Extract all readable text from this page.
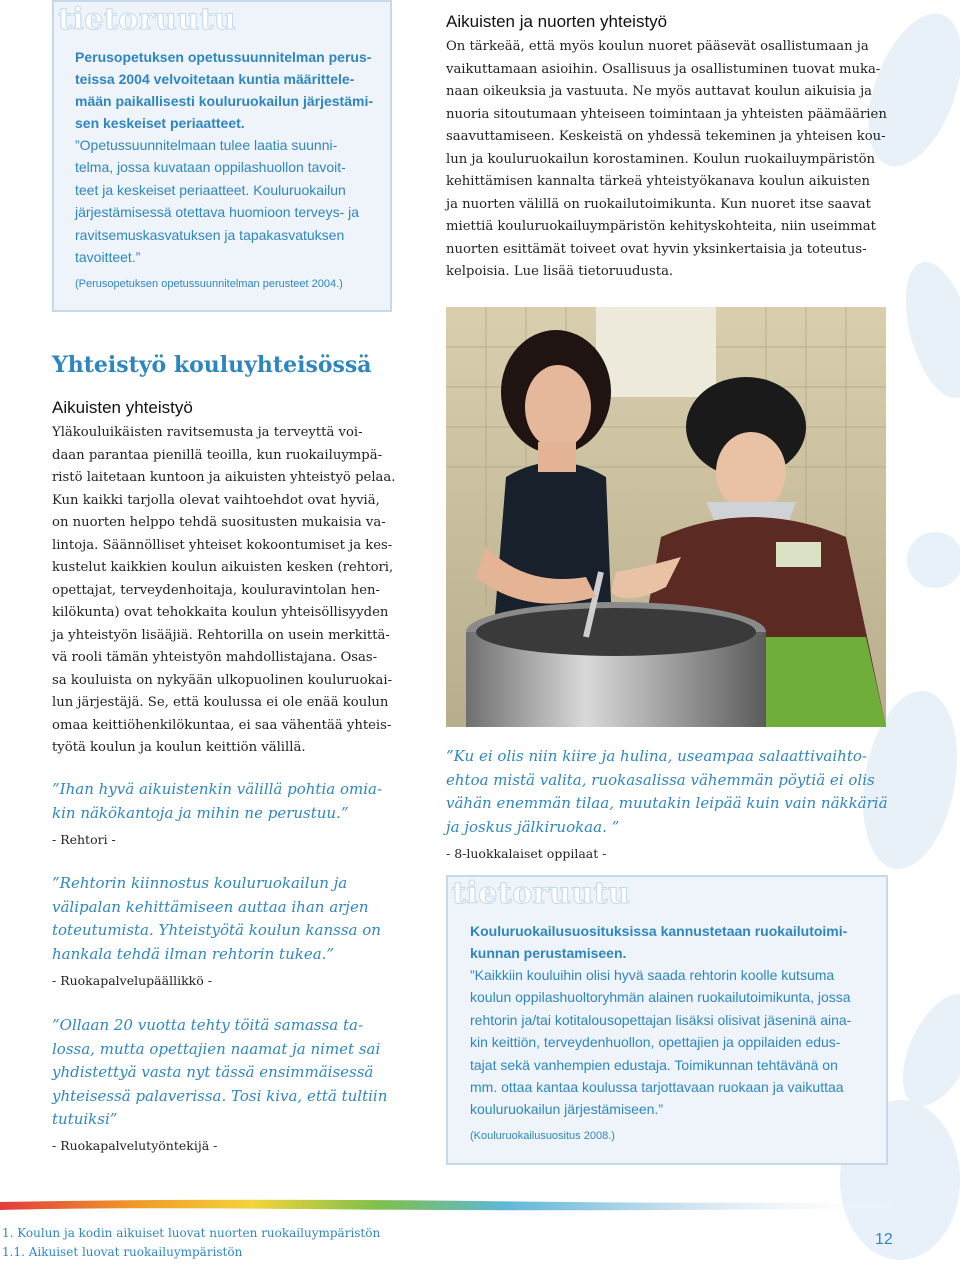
tietoruutu
Perusopetuksen opetussuunnitelman perus-
teissa 2004 velvoitetaan kuntia määrittele-
mään paikallisesti kouluruokailun järjestämi-
sen keskeiset periaatteet.
”Opetussuunnitelmaan tulee laatia suunni-
telma, jossa kuvataan oppilashuollon tavoit-
teet ja keskeiset periaatteet. Kouluruokailun
järjestämisessä otettava huomioon terveys- ja
ravitsemuskasvatuksen ja tapakasvatuksen
tavoitteet.”
(Perusopetuksen opetussuunnitelman perusteet 2004.)
Aikuisten ja nuorten yhteistyö
On tärkeää, että myös koulun nuoret pääsevät osallistumaan ja
vaikuttamaan asioihin. Osallisuus ja osallistuminen tuovat muka-
naan oikeuksia ja vastuuta. Ne myös auttavat koulun aikuisia ja
nuoria sitoutumaan yhteiseen toimintaan ja yhteisten päämäärien
saavuttamiseen. Keskeistä on yhdessä tekeminen ja yhteisen kou-
lun ja kouluruokailun korostaminen. Koulun ruokailuympäristön
kehittämisen kannalta tärkeä yhteistyökanava koulun aikuisten
ja nuorten välillä on ruokailutoimikunta. Kun nuoret itse saavat
miettiä kouluruokailuympäristön kehityskohteita, niin useimmat
nuorten esittämät toiveet ovat hyvin yksinkertaisia ja toteutus-
kelpoisia. Lue lisää tietoruudusta.
Yhteistyö kouluyhteisössä
Aikuisten yhteistyö
Yläkouluikäisten ravitsemusta ja terveyttä voi-
daan parantaa pienillä teoilla, kun ruokailuympä-
ristö laitetaan kuntoon ja aikuisten yhteistyö pelaa.
Kun kaikki tarjolla olevat vaihtoehdot ovat hyviä,
on nuorten helppo tehdä suositusten mukaisia va-
lintoja. Säännölliset yhteiset kokoontumiset ja kes-
kustelut kaikkien koulun aikuisten kesken (rehtori,
opettajat, terveydenhoitaja, kouluravintolan hen-
kilökunta) ovat tehokkaita koulun yhteisöllisyyden
ja yhteistyön lisääjiä. Rehtorilla on usein merkittä-
vä rooli tämän yhteistyön mahdollistajana. Osas-
sa kouluista on nykyään ulkopuolinen kouluruokai-
lun järjestäjä. Se, että koulussa ei ole enää koulun
omaa keittiöhenkilökuntaa, ei saa vähentää yhteis-
työtä koulun ja koulun keittiön välillä.
”Ihan hyvä aikuistenkin välillä pohtia omia-
kin näkökantoja ja mihin ne perustuu.”
- Rehtori -
”Rehtorin kiinnostus kouluruokailun ja
välipalan kehittämiseen auttaa ihan arjen
toteutumista. Yhteistyötä koulun kanssa on
hankala tehdä ilman rehtorin tukea.”
- Ruokapalvelupäällikkö -
”Ollaan 20 vuotta tehty töitä samassa ta-
lossa, mutta opettajien naamat ja nimet sai
yhdistettyä vasta nyt tässä ensimmäisessä
yhteisessä palaverissa. Tosi kiva, että tultiin
tutuiksi”
- Ruokapalvelutyöntekijä -
”Ku ei olis niin kiire ja hulina, useampaa salaattivaihto-
ehtoa mistä valita, ruokasalissa vähemmän pöytiä ei olis
vähän enemmän tilaa, muutakin leipää kuin vain näkkäriä
ja joskus jälkiruokaa. ”
- 8-luokkalaiset oppilaat -
tietoruutu
Kouluruokailusuosituksissa kannustetaan ruokailutoimi-
kunnan perustamiseen.
”Kaikkiin kouluihin olisi hyvä saada rehtorin koolle kutsuma
koulun oppilashuoltoryhmän alainen ruokailutoimikunta, jossa
rehtorin ja/tai kotitalousopettajan lisäksi olisivat jäseninä aina-
kin keittiön, terveydenhuollon, opettajien ja oppilaiden edus-
tajat sekä vanhempien edustaja. Toimikunnan tehtävänä on
mm. ottaa kantaa koulussa tarjottavaan ruokaan ja vaikuttaa
kouluruokailun järjestämiseen.”
(Kouluruokailusuositus 2008.)
1. Koulun ja kodin aikuiset luovat nuorten ruokailuympäristön
1.1. Aikuiset luovat ruokailuympäristön
12
